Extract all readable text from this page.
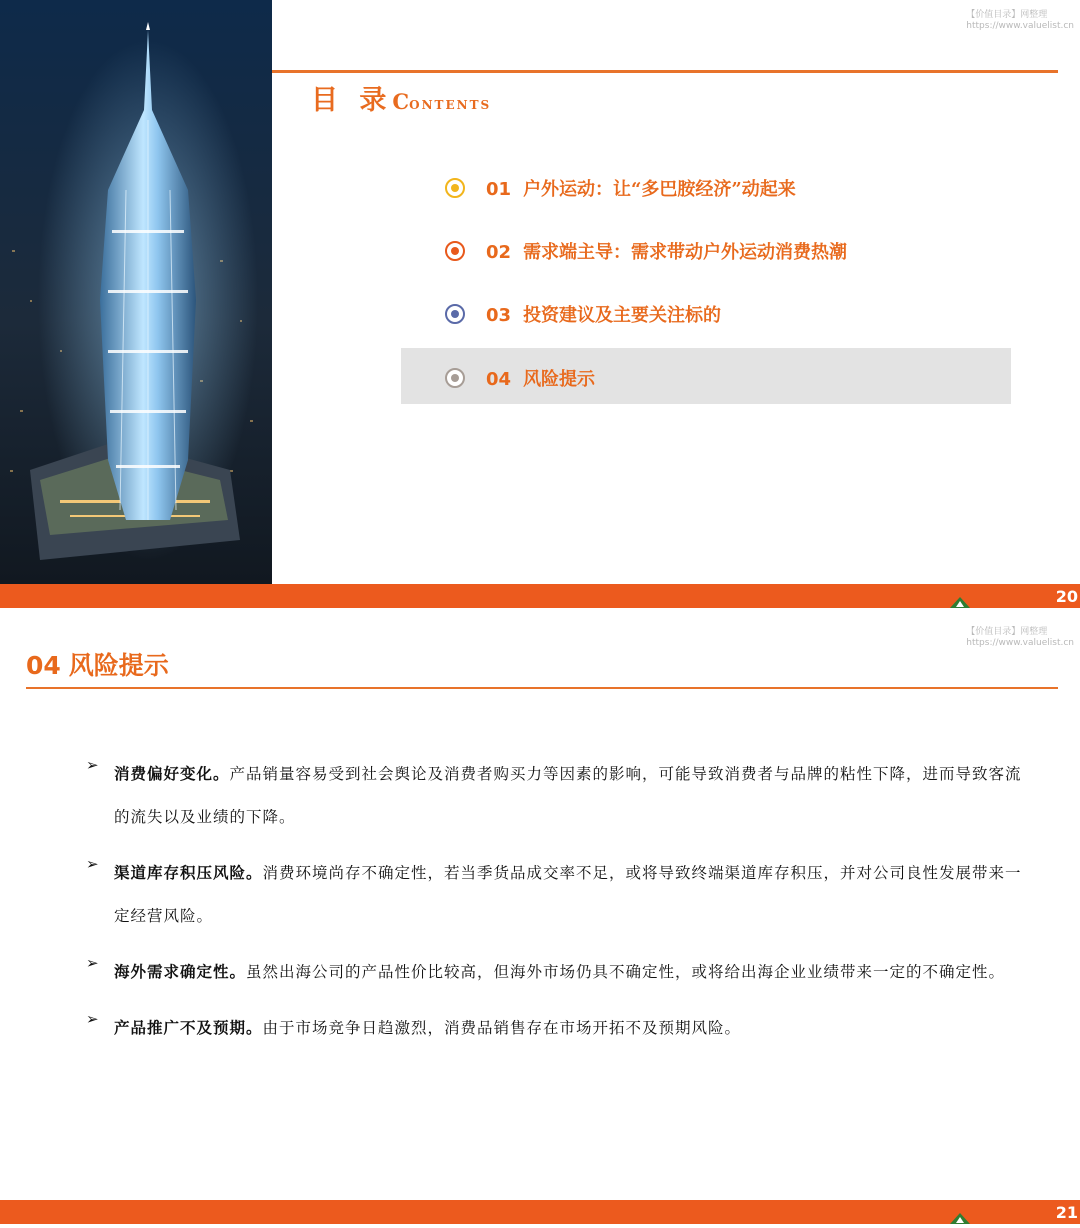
【价值目录】网整理
https://www.valuelist.cn
目 录CONTENTS
01 户外运动：让“多巴胺经济”动起来
02 需求端主导：需求带动户外运动消费热潮
03 投资建议及主要关注标的
04 风险提示
20
【价值目录】网整理
https://www.valuelist.cn
04 风险提示
➢ 消费偏好变化。产品销量容易受到社会舆论及消费者购买力等因素的影响，可能导致消费者与品牌的粘性下降，进而导致客流的流失以及业绩的下降。

➢ 渠道库存积压风险。消费环境尚存不确定性，若当季货品成交率不足，或将导致终端渠道库存积压，并对公司良性发展带来一定经营风险。

➢ 海外需求确定性。虽然出海公司的产品性价比较高，但海外市场仍具不确定性，或将给出海企业业绩带来一定的不确定性。

➢ 产品推广不及预期。由于市场竞争日趋激烈，消费品销售存在市场开拓不及预期风险。

21
